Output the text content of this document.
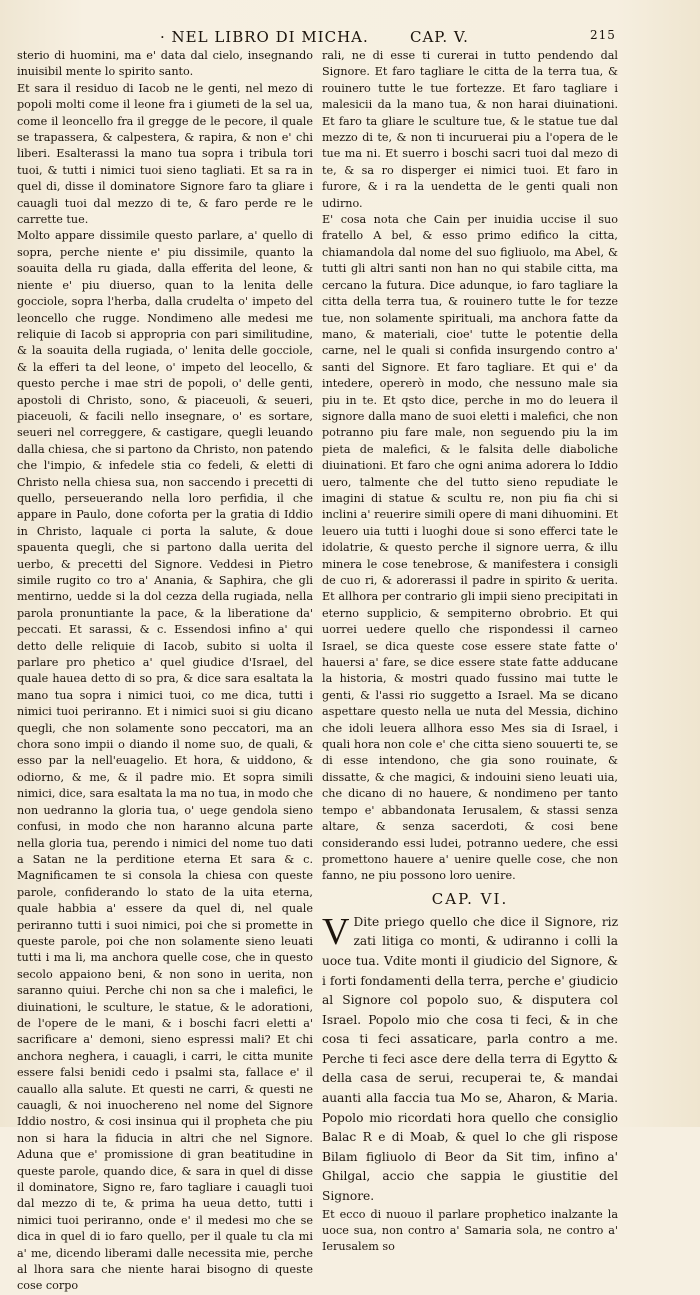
· NEL LIBRO DI MICHA.	CAP. V.	215

sterio di huomini, ma e' data dal cielo, insegnando inuisibil mente lo spirito santo.

Et sara il residuo di Iacob ne le genti, nel mezo di popoli molti come il leone fra i giumeti de la sel ua, come il leoncello fra il gregge de le pecore, il quale se trapassera, & calpestera, & rapira, & non e' chi liberi. Esalterassi la mano tua sopra i tribula tori tuoi, & tutti i nimici tuoi sieno tagliati. Et sa ra in quel di, disse il dominatore Signore faro ta gliare i cauagli tuoi dal mezzo di te, & faro perde re le carrette tue.

Molto appare dissimile questo parlare, a' quello di sopra, perche niente e' piu dissimile, quanto la soauita della ru giada, dalla efferita del leone, & niente e' piu diuerso, quan to la lenita delle gocciole, sopra l'herba, dalla crudelta o' impeto del leoncello che rugge. Nondimeno alle medesi me reliquie di Iacob si appropria con pari similitudine, & la soauita della rugiada, o' lenita delle gocciole, & la efferi ta del leone, o' impeto del leocello, & questo perche i mae stri de popoli, o' delle genti, apostoli di Christo, sono, & piaceuoli, & seueri, piaceuoli, & facili nello insegnare, o' es sortare, seueri nel correggere, & castigare, quegli leuando dalla chiesa, che si partono da Christo, non patendo che l'impio, & infedele stia co fedeli, & eletti di Christo nella chiesa sua, non saccendo i precetti di quello, perseuerando nella loro perfidia, il che appare in Paulo, done coforta per la gratia di Iddio in Christo, laquale ci porta la salute, & doue spauenta quegli, che si partono dalla uerita del uerbo, & precetti del Signore. Veddesi in Pietro simile rugito co tro a' Anania, & Saphira, che gli mentirno, uedde si la dol cezza della rugiada, nella parola pronuntiante la pace, & la liberatione da' peccati. Et sarassi, & c. Essendosi infino a' qui detto delle reliquie di Iacob, subito si uolta il parlare pro phetico a' quel giudice d'Israel, del quale hauea detto di so pra, & dice sara esaltata la mano tua sopra i nimici tuoi, co me dica, tutti i nimici tuoi periranno. Et i nimici suoi si giu dicano quegli, che non solamente sono peccatori, ma an chora sono impii o diando il nome suo, de quali, & esso par la nell'euagelio. Et hora, & uiddono, & odiorno, & me, & il padre mio. Et sopra simili nimici, dice, sara esaltata la ma no tua, in modo che non uedranno la gloria tua, o' uege gendola sieno confusi, in modo che non haranno alcuna parte nella gloria tua, perendo i nimici del nome tuo dati a Satan ne la perditione eterna Et sara & c. Magnificamen te si consola la chiesa con queste parole, confiderando lo stato de la uita eterna, quale habbia a' essere da quel di, nel quale periranno tutti i suoi nimici, poi che si promette in queste parole, poi che non solamente sieno leuati tutti i ma li, ma anchora quelle cose, che in questo secolo appaiono beni, & non sono in uerita, non saranno quiui. Perche chi non sa che i malefici, le diuinationi, le sculture, le statue, & le adorationi, de l'opere de le mani, & i boschi facri eletti a' sacrificare a' demoni, sieno espressi mali? Et chi anchora neghera, i cauagli, i carri, le citta munite essere falsi benidi cedo i psalmi sta, fallace e' il cauallo alla salute. Et questi ne carri, & questi ne cauagli, & noi inuochereno nel nome del Signore Iddio nostro, & cosi insinua qui il propheta che piu non si hara la fiducia in altri che nel Signore. Aduna que e' promissione di gran beatitudine in queste parole, quando dice, & sara in quel di disse il dominatore, Signo re, faro tagliare i cauagli tuoi dal mezzo di te, & prima ha ueua detto, tutti i nimici tuoi periranno, onde e' il medesi mo che se dica in quel di io faro quello, per il quale tu cla mi a' me, dicendo liberami dalle necessita mie, perche al lhora sara che niente harai bisogno di queste cose corpo

rali, ne di esse ti curerai in tutto pendendo dal Signore. Et faro tagliare le citta de la terra tua, & rouinero tutte le tue fortezze. Et faro tagliare i malesicii da la mano tua, & non harai diuinationi. Et faro ta gliare le sculture tue, & le statue tue dal mezzo di te, & non ti incuruerai piu a l'opera de le tue ma ni. Et suerro i boschi sacri tuoi dal mezo di te, & sa ro disperger ei nimici tuoi. Et faro in furore, & i ra la uendetta de le genti quali non udirno.

E' cosa nota che Cain per inuidia uccise il suo fratello A bel, & esso primo edifico la citta, chiamandola dal nome del suo figliuolo, ma Abel, & tutti gli altri santi non han no qui stabile citta, ma cercano la futura. Dice adunque, io faro tagliare la citta della terra tua, & rouinero tutte le for tezze tue, non solamente spirituali, ma anchora fatte da mano, & materiali, cioe' tutte le potentie della carne, nel le quali si confida insurgendo contro a' santi del Signore. Et faro tagliare. Et qui e' da intedere, opererò in modo, che nessuno male sia piu in te. Et qsto dice, perche in mo do leuera il signore dalla mano de suoi eletti i malefici, che non potranno piu fare male, non seguendo piu la im pieta de malefici, & le falsita delle diaboliche diuinationi. Et faro che ogni anima adorera lo Iddio uero, talmente che del tutto sieno repudiate le imagini di statue & scultu re, non piu fia chi si inclini a' reuerire simili opere di mani dihuomini. Et leuero uia tutti i luoghi doue si sono efferci tate le idolatrie, & questo perche il signore uerra, & illu minera le cose tenebrose, & manifestera i consigli de cuo ri, & adorerassi il padre in spirito & uerita. Et allhora per contrario gli impii sieno precipitati in eterno supplicio, & sempiterno obrobrio. Et qui uorrei uedere quello che rispondessi il carneo Israel, se dica queste cose essere state fatte o' hauersi a' fare, se dice essere state fatte adducane la historia, & mostri quado fussino mai tutte le genti, & l'assi rio suggetto a Israel. Ma se dicano aspettare questo nella ue nuta del Messia, dichino che idoli leuera allhora esso Mes sia di Israel, i quali hora non cole e' che citta sieno souuerti te, se di esse intendono, che gia sono rouinate, & dissatte, & che magici, & indouini sieno leuati uia, che dicano di no hauere, & nondimeno per tanto tempo e' abbandonata Ierusalem, & stassi senza altare, & senza sacerdoti, & cosi bene considerando essi ludei, potranno uedere, che essi promettono hauere a' uenire quelle cose, che non fanno, ne piu possono loro uenire.

CAP. VI.

V Dite priego quello che dice il Signore, riz zati litiga co monti, & udiranno i colli la uoce tua. Vdite monti il giudicio del Signore, & i forti fondamenti della terra, perche e' giudicio al Signore col popolo suo, & disputera col Israel. Popolo mio che cosa ti feci, & in che cosa ti feci assaticare, parla contro a me. Perche ti feci asce dere della terra di Egytto & della casa de serui, recuperai te, & mandai auanti alla faccia tua Mo se, Aharon, & Maria. Popolo mio ricordati hora quello che consiglio Balac R e di Moab, & quel lo che gli rispose Bilam figliuolo di Beor da Sit tim, infino a' Ghilgal, accio che sappia le giustitie del Signore.

Et ecco di nuouo il parlare prophetico inalzante la uoce sua, non contro a' Samaria sola, ne contro a' Ierusalem so
